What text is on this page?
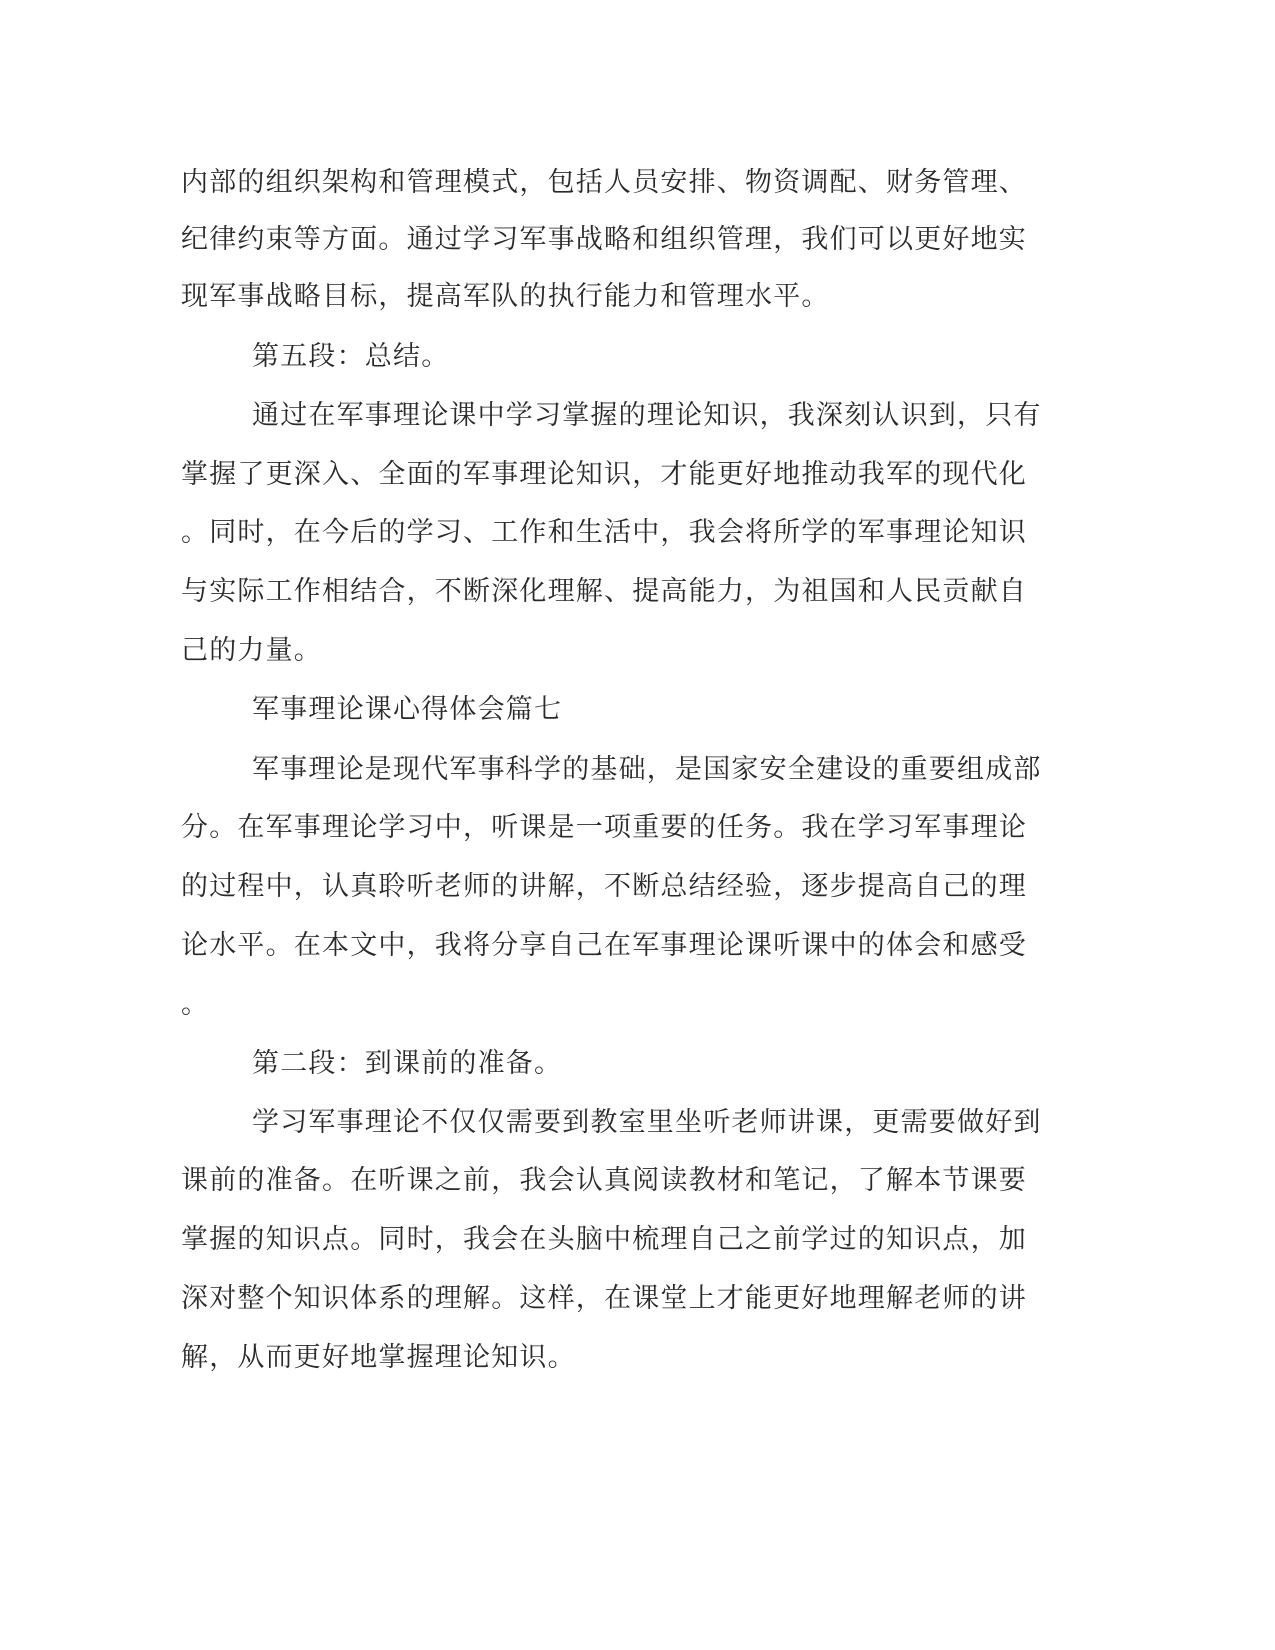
内部的组织架构和管理模式，包括人员安排、物资调配、财务管理、

纪律约束等方面。通过学习军事战略和组织管理，我们可以更好地实

现军事战略目标，提高军队的执行能力和管理水平。

第五段：总结。

通过在军事理论课中学习掌握的理论知识，我深刻认识到，只有

掌握了更深入、全面的军事理论知识，才能更好地推动我军的现代化

。同时，在今后的学习、工作和生活中，我会将所学的军事理论知识

与实际工作相结合，不断深化理解、提高能力，为祖国和人民贡献自

己的力量。

军事理论课心得体会篇七

军事理论是现代军事科学的基础，是国家安全建设的重要组成部

分。在军事理论学习中，听课是一项重要的任务。我在学习军事理论

的过程中，认真聆听老师的讲解，不断总结经验，逐步提高自己的理

论水平。在本文中，我将分享自己在军事理论课听课中的体会和感受

。

第二段：到课前的准备。

学习军事理论不仅仅需要到教室里坐听老师讲课，更需要做好到

课前的准备。在听课之前，我会认真阅读教材和笔记，了解本节课要

掌握的知识点。同时，我会在头脑中梳理自己之前学过的知识点，加

深对整个知识体系的理解。这样，在课堂上才能更好地理解老师的讲

解，从而更好地掌握理论知识。
